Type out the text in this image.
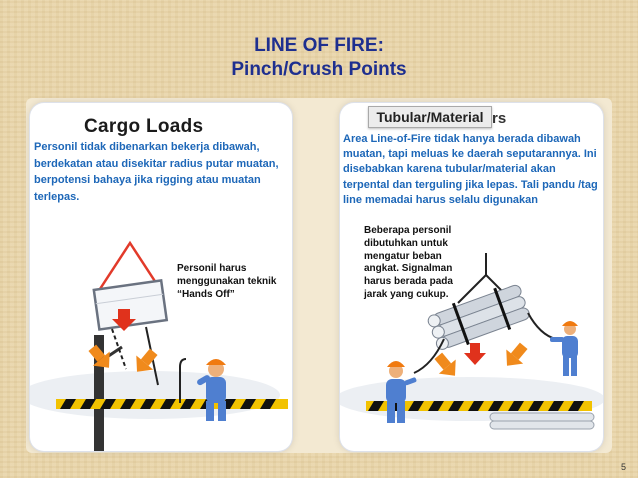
LINE OF FIRE:
Pinch/Crush Points
Cargo Loads
Personil tidak dibenarkan bekerja dibawah, berdekatan atau disekitar radius putar muatan, berpotensi bahaya jika rigging atau muatan terlepas.
Personil harus menggunakan teknik “Hands Off”
Tubular/Material rs
Area Line-of-Fire tidak hanya berada dibawah muatan, tapi meluas ke daerah seputarannya. Ini disebabkan karena tubular/material akan terpental dan terguling jika lepas. Tali pandu /tag line memadai harus selalu digunakan
Beberapa personil dibutuhkan untuk mengatur beban angkat. Signalman harus berada pada jarak yang cukup.
5
